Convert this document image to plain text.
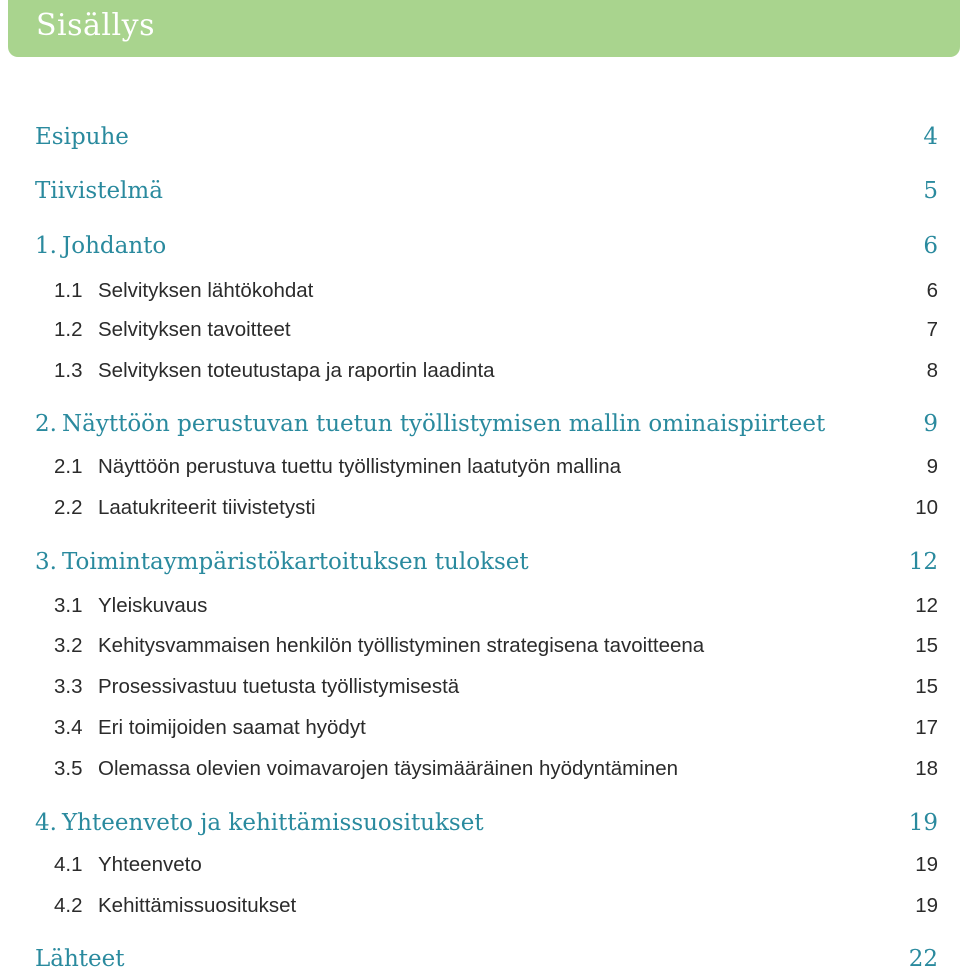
Sisällys
Esipuhe	4
Tiivistelmä	5
1. Johdanto	6
1.1 Selvityksen lähtökohdat	6
1.2 Selvityksen tavoitteet	7
1.3 Selvityksen toteutustapa ja raportin laadinta	8
2. Näyttöön perustuvan tuetun työllistymisen mallin ominaispiirteet	9
2.1 Näyttöön perustuva tuettu työllistyminen laatutyön mallina	9
2.2 Laatukriteerit tiivistetysti	10
3. Toimintaympäristökartoituksen tulokset	12
3.1 Yleiskuvaus	12
3.2 Kehitysvammaisen henkilön työllistyminen strategisena tavoitteena	15
3.3 Prosessivastuu tuetusta työllistymisestä	15
3.4 Eri toimijoiden saamat hyödyt	17
3.5 Olemassa olevien voimavarojen täysimääräinen hyödyntäminen	18
4. Yhteenveto ja kehittämissuositukset	19
4.1 Yhteenveto	19
4.2 Kehittämissuositukset	19
Lähteet	22
